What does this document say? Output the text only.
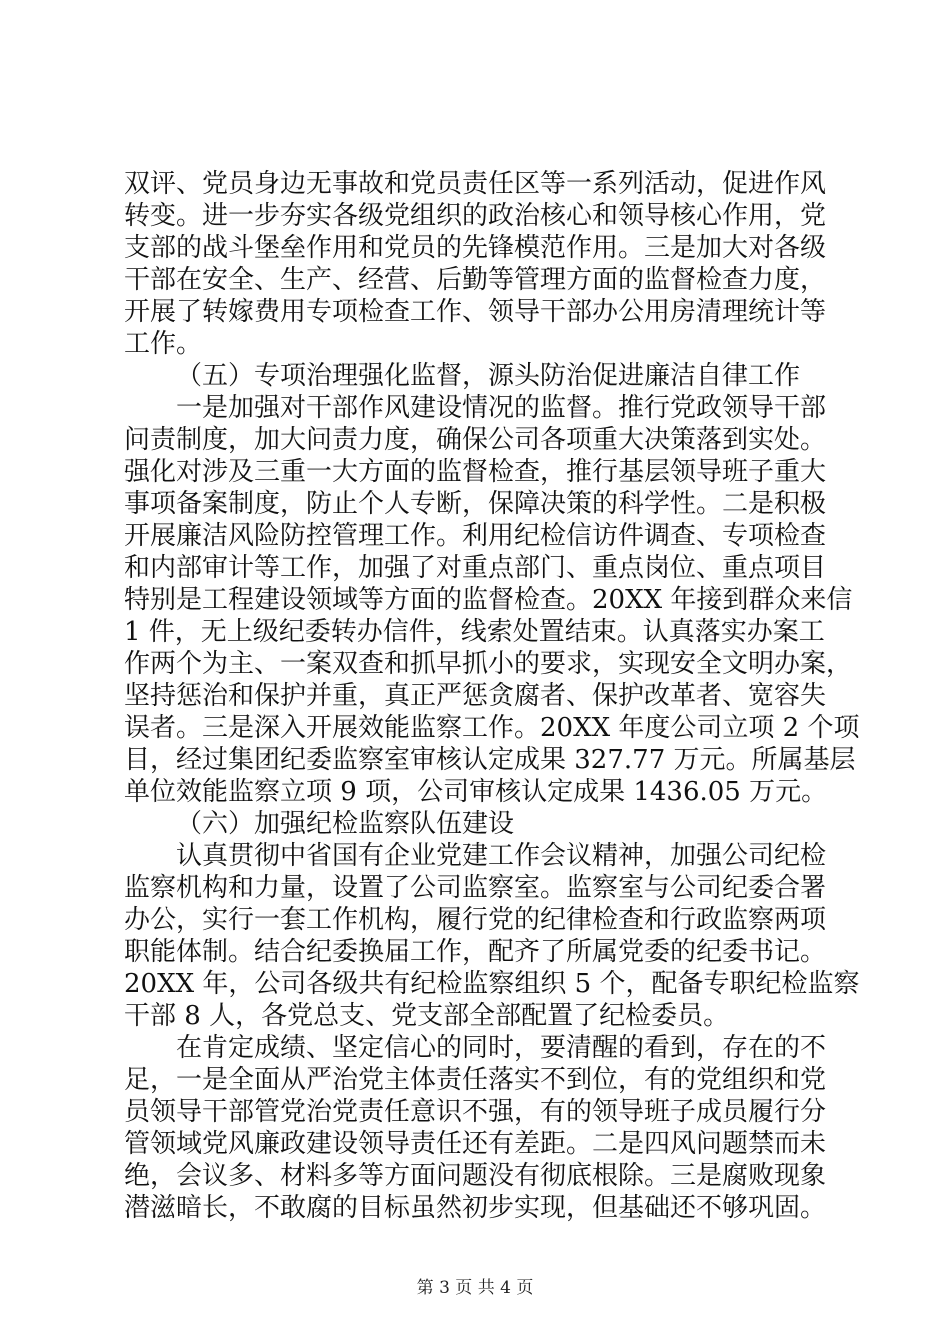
双评、党员身边无事故和党员责任区等一系列活动，促进作风
转变。进一步夯实各级党组织的政治核心和领导核心作用，党
支部的战斗堡垒作用和党员的先锋模范作用。三是加大对各级
干部在安全、生产、经营、后勤等管理方面的监督检查力度，
开展了转嫁费用专项检查工作、领导干部办公用房清理统计等
工作。
（五）专项治理强化监督，源头防治促进廉洁自律工作
一是加强对干部作风建设情况的监督。推行党政领导干部
问责制度，加大问责力度，确保公司各项重大决策落到实处。
强化对涉及三重一大方面的监督检查，推行基层领导班子重大
事项备案制度，防止个人专断，保障决策的科学性。二是积极
开展廉洁风险防控管理工作。利用纪检信访件调查、专项检查
和内部审计等工作，加强了对重点部门、重点岗位、重点项目
特别是工程建设领域等方面的监督检查。20XX 年接到群众来信
1 件，无上级纪委转办信件，线索处置结束。认真落实办案工
作两个为主、一案双查和抓早抓小的要求，实现安全文明办案，
坚持惩治和保护并重，真正严惩贪腐者、保护改革者、宽容失
误者。三是深入开展效能监察工作。20XX 年度公司立项 2 个项
目，经过集团纪委监察室审核认定成果 327.77 万元。所属基层
单位效能监察立项 9 项，公司审核认定成果 1436.05 万元。
（六）加强纪检监察队伍建设
认真贯彻中省国有企业党建工作会议精神，加强公司纪检
监察机构和力量，设置了公司监察室。监察室与公司纪委合署
办公，实行一套工作机构，履行党的纪律检查和行政监察两项
职能体制。结合纪委换届工作，配齐了所属党委的纪委书记。
20XX 年，公司各级共有纪检监察组织 5 个，配备专职纪检监察
干部 8 人，各党总支、党支部全部配置了纪检委员。
在肯定成绩、坚定信心的同时，要清醒的看到，存在的不
足，一是全面从严治党主体责任落实不到位，有的党组织和党
员领导干部管党治党责任意识不强，有的领导班子成员履行分
管领域党风廉政建设领导责任还有差距。二是四风问题禁而未
绝，会议多、材料多等方面问题没有彻底根除。三是腐败现象
潜滋暗长，不敢腐的目标虽然初步实现，但基础还不够巩固。
第 3 页 共 4 页
